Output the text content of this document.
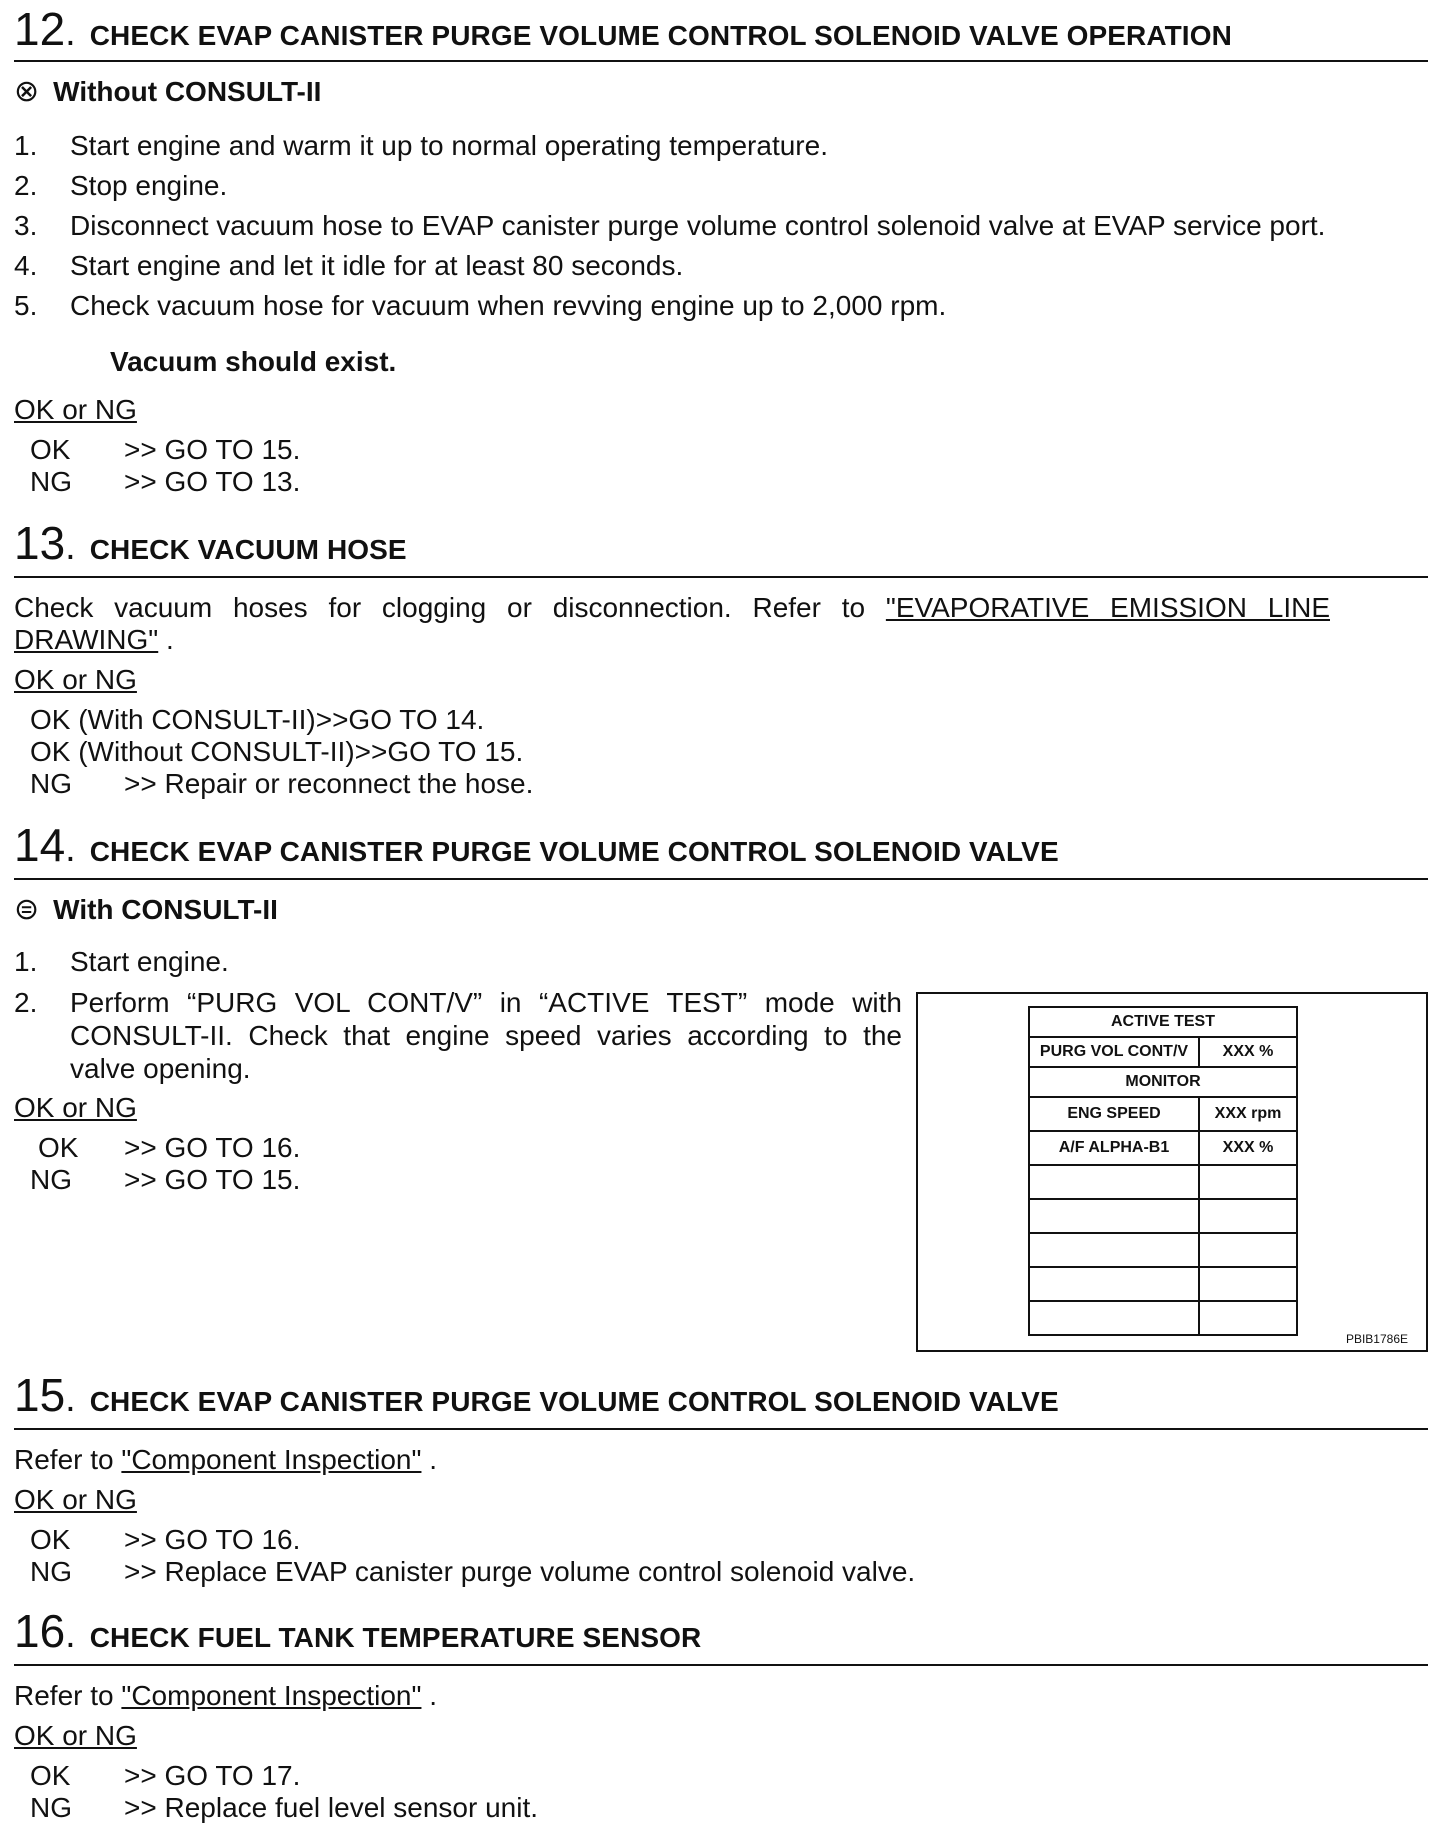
12. CHECK EVAP CANISTER PURGE VOLUME CONTROL SOLENOID VALVE OPERATION
⊗ Without CONSULT-II
1.	Start engine and warm it up to normal operating temperature.
2.	Stop engine.
3.	Disconnect vacuum hose to EVAP canister purge volume control solenoid valve at EVAP service port.
4.	Start engine and let it idle for at least 80 seconds.
5.	Check vacuum hose for vacuum when revving engine up to 2,000 rpm.
Vacuum should exist.
OK or NG
OK >> GO TO 15.
NG >> GO TO 13.
13. CHECK VACUUM HOSE
Check vacuum hoses for clogging or disconnection. Refer to "EVAPORATIVE EMISSION LINE DRAWING" .
OK or NG
OK (With CONSULT-II)>>GO TO 14.
OK (Without CONSULT-II)>>GO TO 15.
NG >> Repair or reconnect the hose.
14. CHECK EVAP CANISTER PURGE VOLUME CONTROL SOLENOID VALVE
⊜ With CONSULT-II
1.	Start engine.
2.	Perform “PURG VOL CONT/V” in “ACTIVE TEST” mode with CONSULT-II. Check that engine speed varies according to the valve opening.
OK or NG
OK >> GO TO 16.
NG >> GO TO 15.
ACTIVE TEST	
PURG VOL CONT/V	XXX %
MONITOR	
ENG SPEED	XXX rpm
A/F ALPHA-B1	XXX %

PBIB1786E
15. CHECK EVAP CANISTER PURGE VOLUME CONTROL SOLENOID VALVE
Refer to "Component Inspection" .
OK or NG
OK >> GO TO 16.
NG >> Replace EVAP canister purge volume control solenoid valve.
16. CHECK FUEL TANK TEMPERATURE SENSOR
Refer to "Component Inspection" .
OK or NG
OK >> GO TO 17.
NG >> Replace fuel level sensor unit.
